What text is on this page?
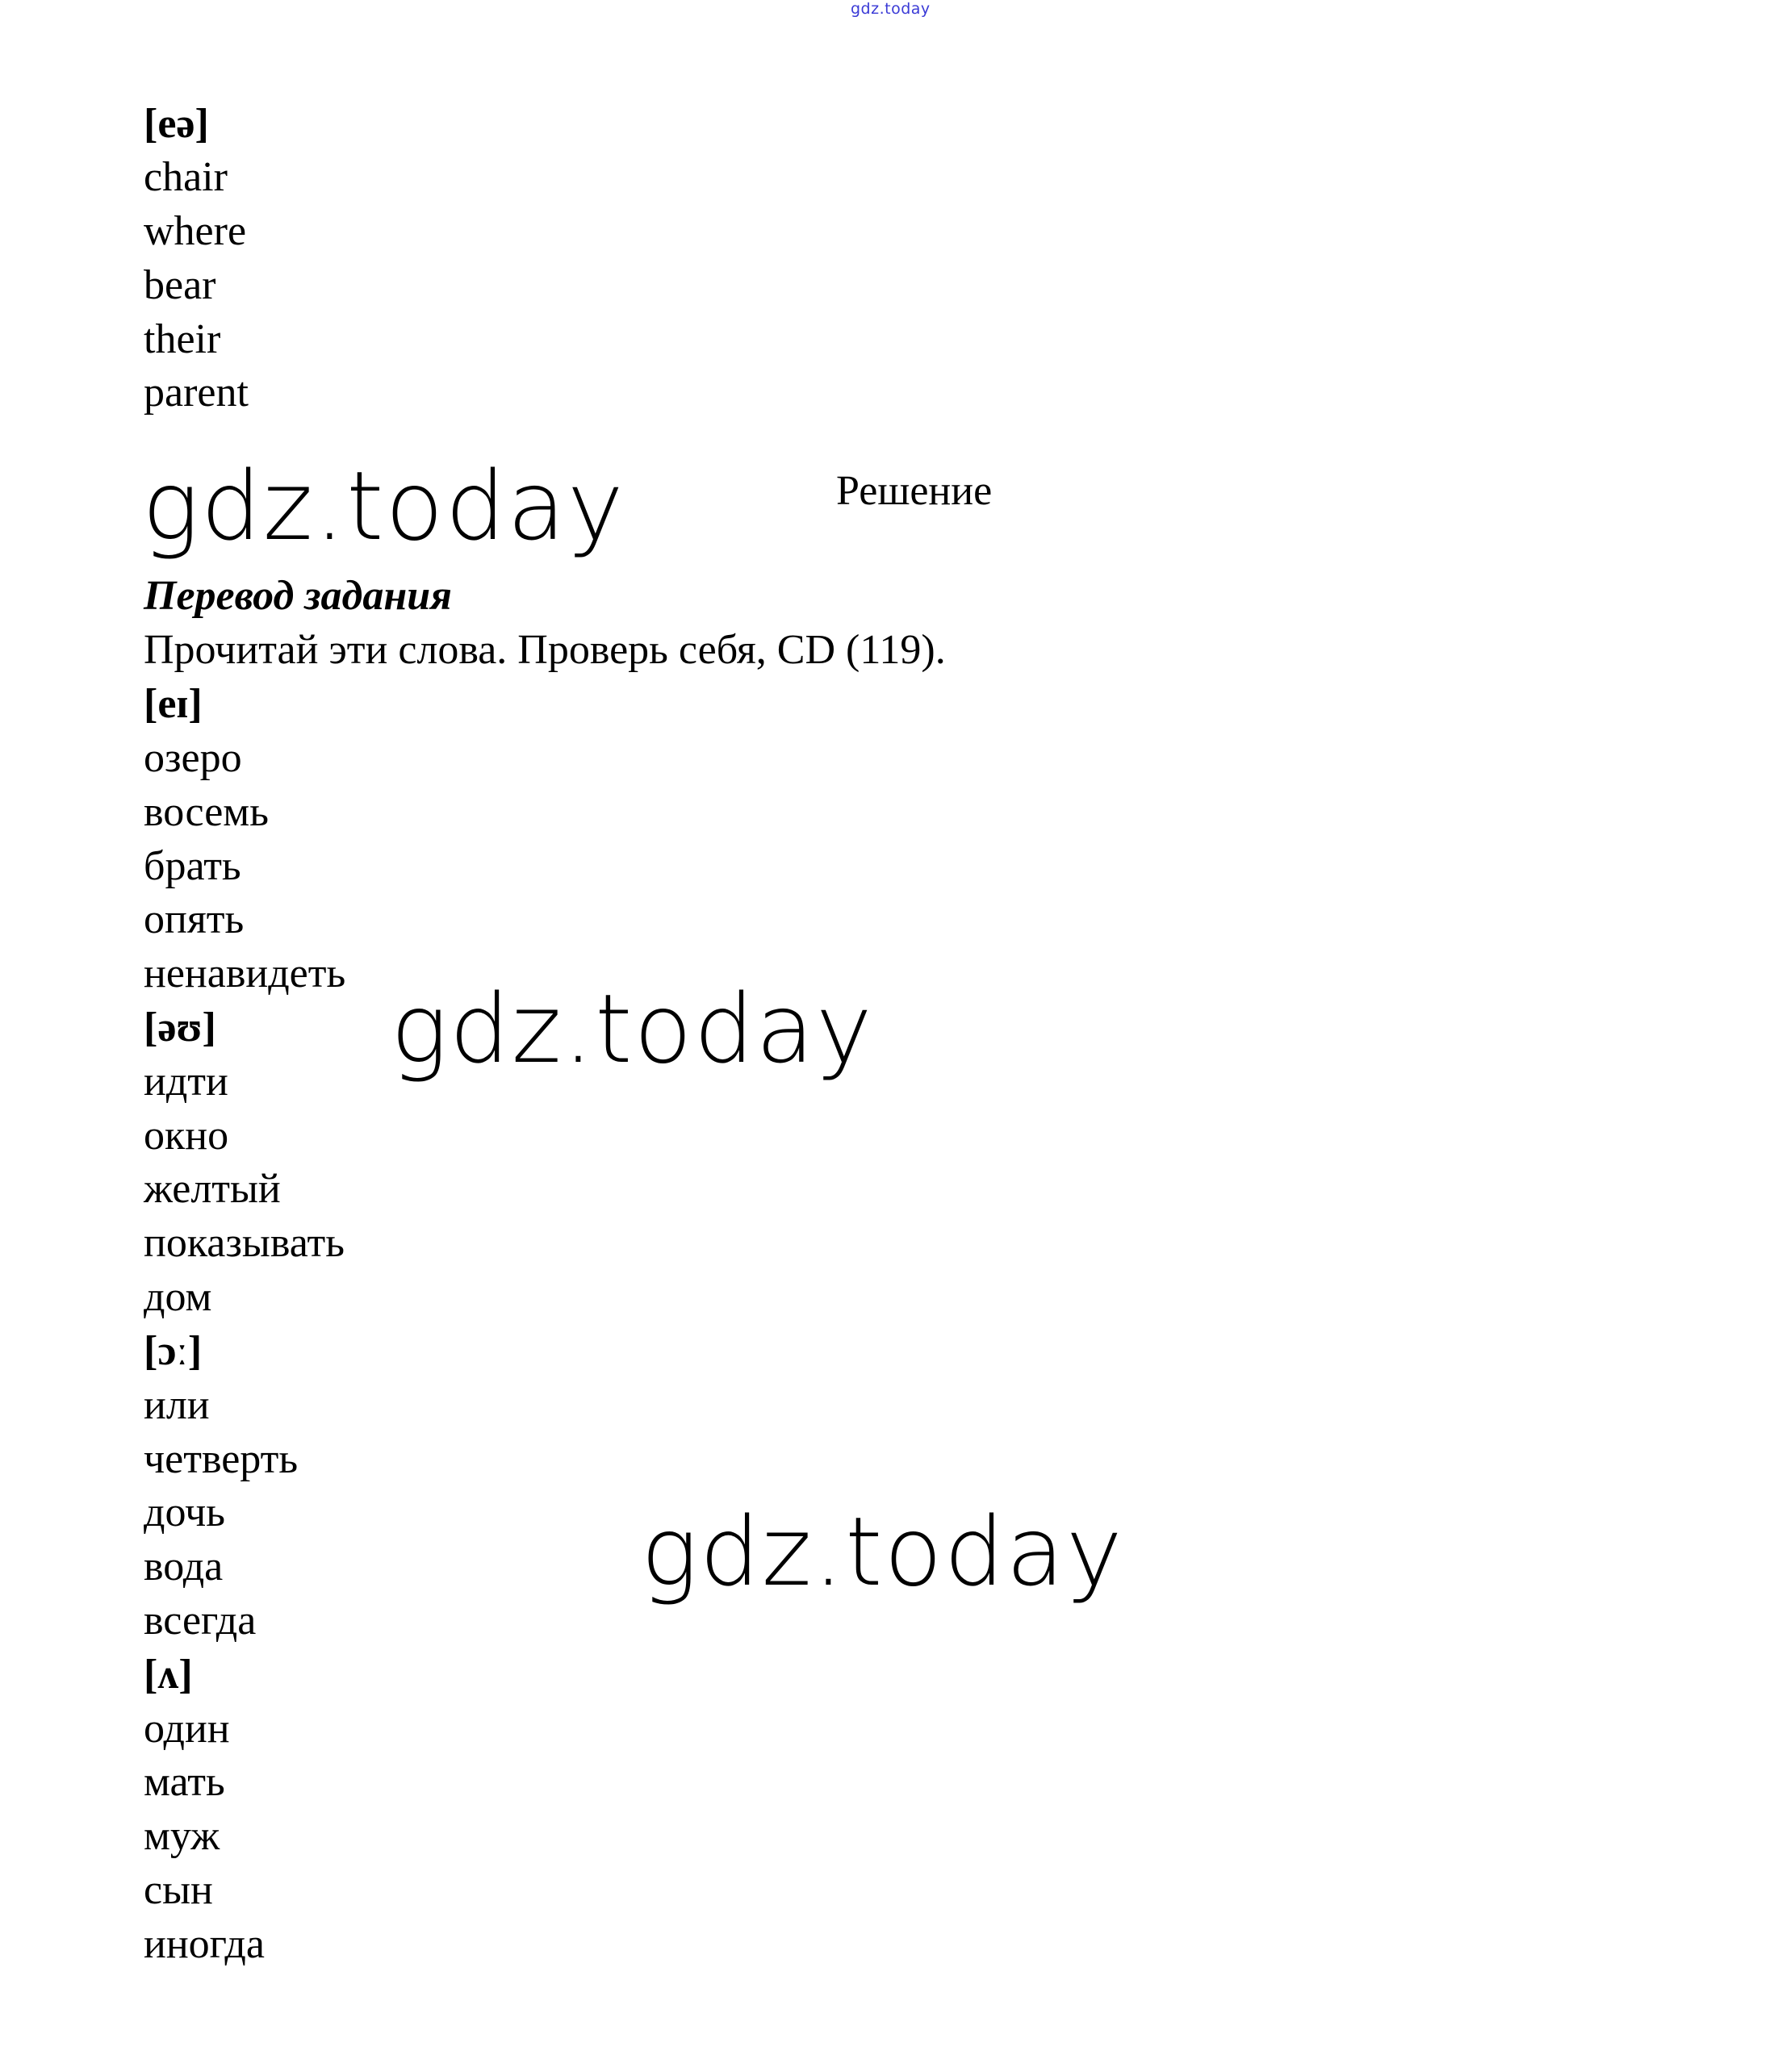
gdz.today
gdz.today
gdz.today
gdz.today
[eə]
chair
where
bear
their
parent
Решение
Перевод задания
Прочитай эти слова. Проверь себя, CD (119).
[eɪ]
озеро
восемь
брать
опять
ненавидеть
[əʊ]
идти
окно
желтый
показывать
дом
[ɔː]
или
четверть
дочь
вода
всегда
[ʌ]
один
мать
муж
сын
иногда
